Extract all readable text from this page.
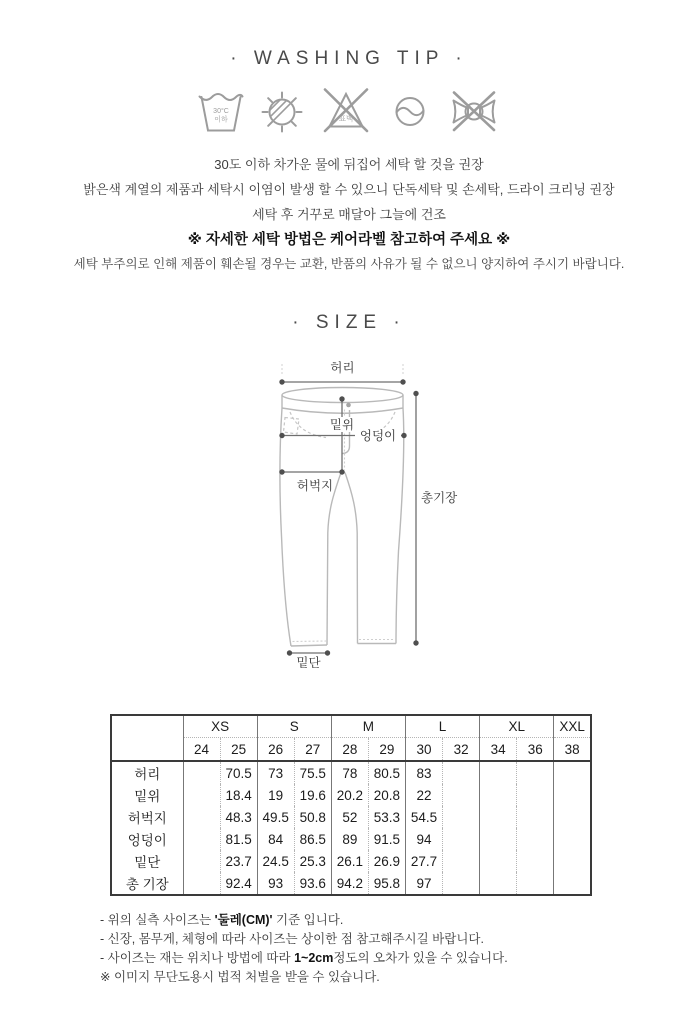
· WASHING TIP ·
30°C
이하	표백

30도 이하 차가운 물에 뒤집어 세탁 할 것을 권장

밝은색 계열의 제품과 세탁시 이염이 발생 할 수 있으니 단독세탁 및 손세탁, 드라이 크리닝 권장

세탁 후 거꾸로 매달아 그늘에 건조

※ 자세한 세탁 방법은 케어라벨 참고하여 주세요 ※

세탁 부주의로 인해 제품이 훼손될 경우는 교환, 반품의 사유가 될 수 없으니 양지하여 주시기 바랍니다.

· SIZE ·
허리
밑위
엉덩이
허벅지
총기장
밑단
	XS		S		M		L		XL		XXL
	24	25	26	27	28	29	30	32	34	36	38
허리		70.5	73	75.5	78	80.5	83				
밑위		18.4	19	19.6	20.2	20.8	22				
허벅지		48.3	49.5	50.8	52	53.3	54.5				
엉덩이		81.5	84	86.5	89	91.5	94				
밑단		23.7	24.5	25.3	26.1	26.9	27.7				
총 기장		92.4	93	93.6	94.2	95.8	97				

- 위의 실측 사이즈는 '둘레(CM)' 기준 입니다.

- 신장, 몸무게, 체형에 따라 사이즈는 상이한 점 참고해주시길 바랍니다.

- 사이즈는 재는 위치나 방법에 따라 1~2cm정도의 오차가 있을 수 있습니다.

※ 이미지 무단도용시 법적 처벌을 받을 수 있습니다.
